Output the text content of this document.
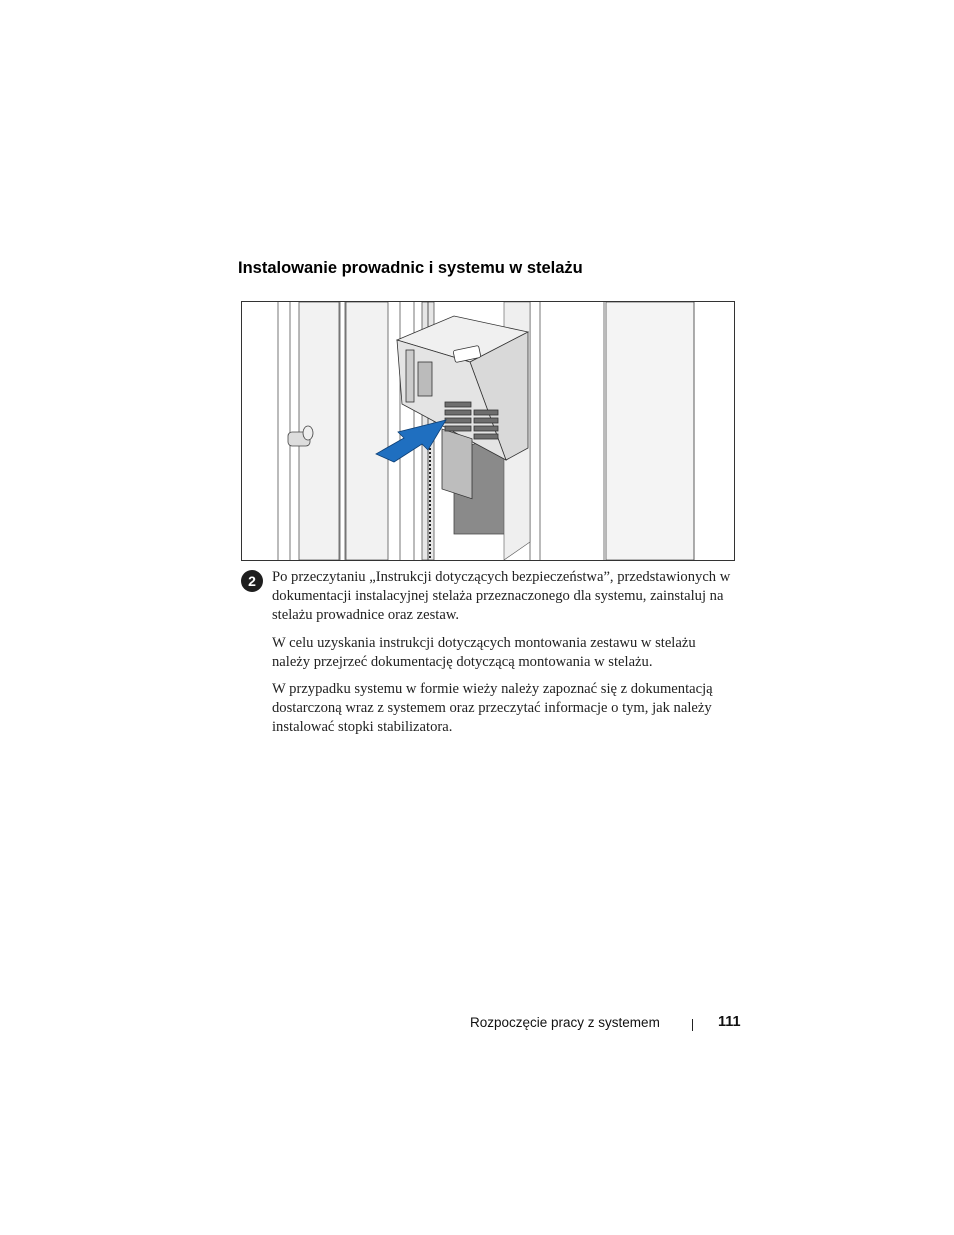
Instalowanie prowadnic i systemu w stelażu
2	Po przeczytaniu „Instrukcji dotyczących bezpieczeństwa”, przedstawionych w dokumentacji instalacyjnej stelaża przeznaczonego dla systemu, zainstaluj na stelażu prowadnice oraz zestaw.
W celu uzyskania instrukcji dotyczących montowania zestawu w stelażu należy przejrzeć dokumentację dotyczącą montowania w stelażu.
W przypadku systemu w formie wieży należy zapoznać się z dokumentacją dostarczoną wraz z systemem oraz przeczytać informacje o tym, jak należy instalować stopki stabilizatora.
Rozpoczęcie pracy z systemem	111
